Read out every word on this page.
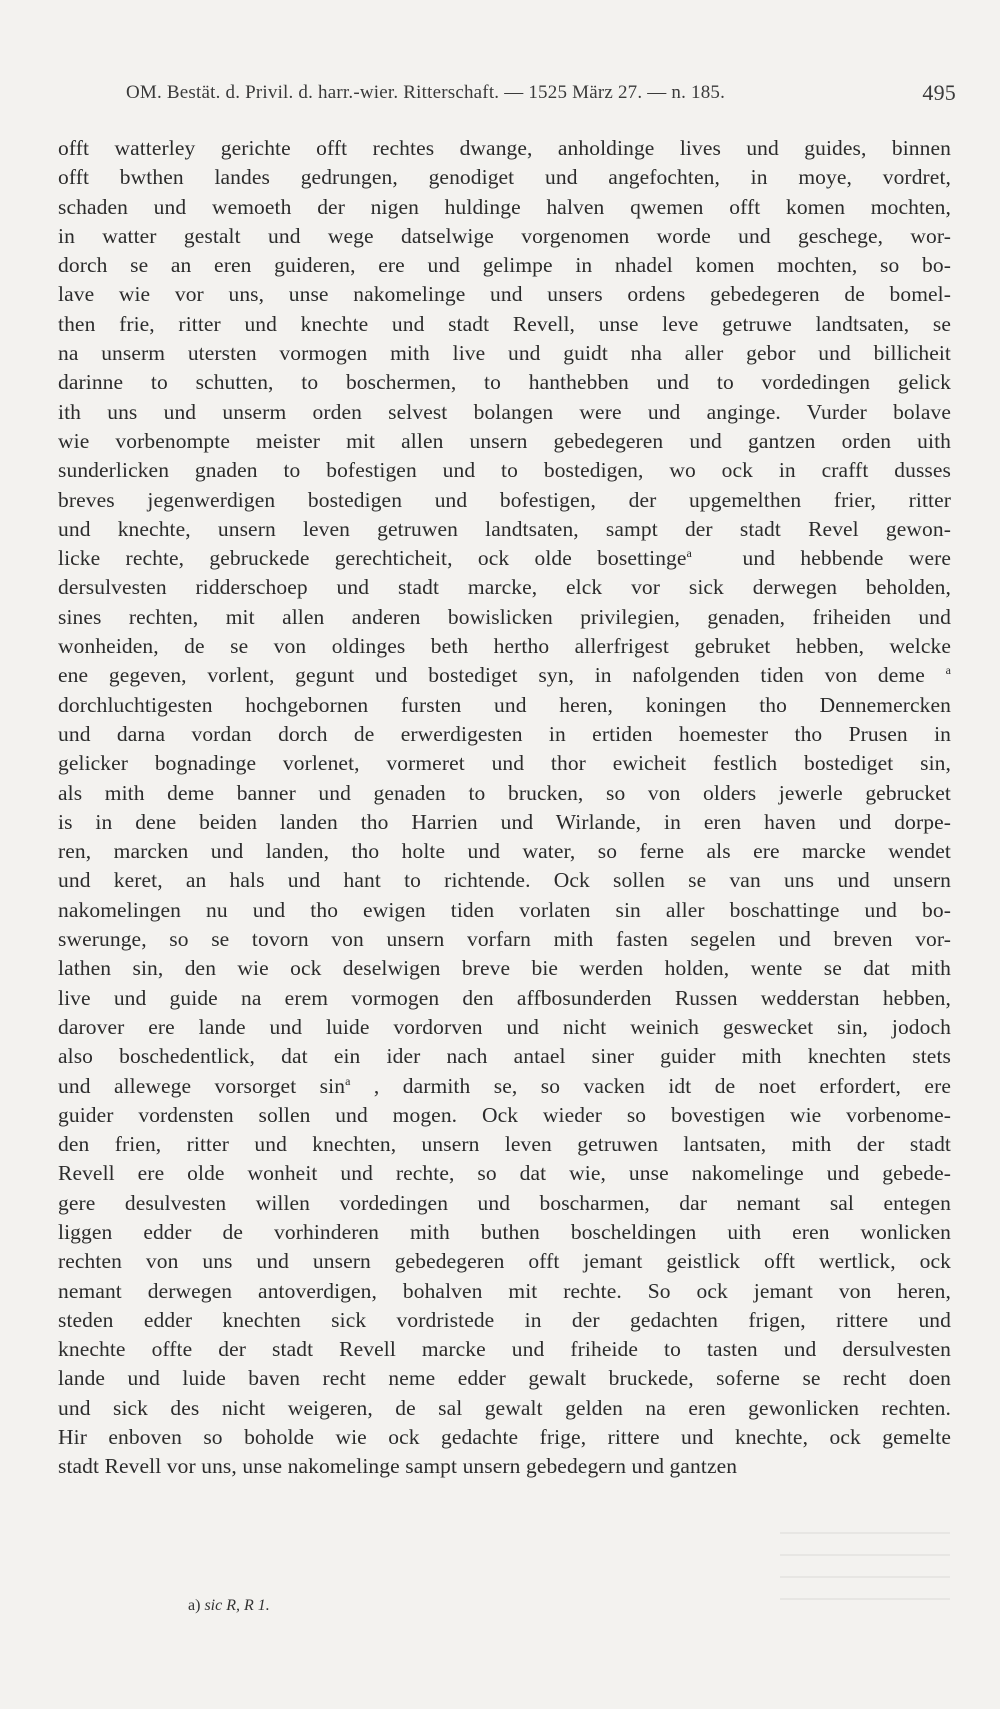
OM. Bestät. d. Privil. d. harr.-wier. Ritterschaft. — 1525 März 27. — n. 185.	495
offt watterley gerichte offt rechtes dwange, anholdinge lives und guides, binnen
offt bwthen landes gedrungen, genodiget und angefochten, in moye, vordret,
schaden und wemoeth der nigen huldinge halven qwemen offt komen mochten,
in watter gestalt und wege datselwige vorgenomen worde und geschege, wor-
dorch se an eren guideren, ere und gelimpe in nhadel komen mochten, so bo-
lave wie vor uns, unse nakomelinge und unsers ordens gebedegeren de bomel-
then frie, ritter und knechte und stadt Revell, unse leve getruwe landtsaten, se
na unserm utersten vormogen mith live und guidt nha aller gebor und billicheit
darinne to schutten, to boschermen, to hanthebben und to vordedingen gelick
ith uns und unserm orden selvest bolangen were und anginge. Vurder bolave
wie vorbenompte meister mit allen unsern gebedegeren und gantzen orden uith
sunderlicken gnaden to bofestigen und to bostedigen, wo ock in crafft dusses
breves jegenwerdigen bostedigen und bofestigen, der upgemelthen frier, ritter
und knechte, unsern leven getruwen landtsaten, sampt der stadt Revel gewon-
licke rechte, gebruckede gerechticheit, ock olde bosettinge$^a$ und hebbende were
dersulvesten ridderschoep und stadt marcke, elck vor sick derwegen beholden,
sines rechten, mit allen anderen bowislicken privilegien, genaden, friheiden und
wonheiden, de se von oldinges beth hertho allerfrigest gebruket hebben, welcke
ene gegeven, vorlent, gegunt und bostediget syn, in nafolgenden tiden von deme $^a$
dorchluchtigesten hochgebornen fursten und heren, koningen tho Dennemercken
und darna vordan dorch de erwerdigesten in ertiden hoemester tho Prusen in
gelicker bognadinge vorlenet, vormeret und thor ewicheit festlich bostediget sin,
als mith deme banner und genaden to brucken, so von olders jewerle gebrucket
is in dene beiden landen tho Harrien und Wirlande, in eren haven und dorpe-
ren, marcken und landen, tho holte und water, so ferne als ere marcke wendet
und keret, an hals und hant to richtende. Ock sollen se van uns und unsern
nakomelingen nu und tho ewigen tiden vorlaten sin aller boschattinge und bo-
swerunge, so se tovorn von unsern vorfarn mith fasten segelen und breven vor-
lathen sin, den wie ock deselwigen breve bie werden holden, wente se dat mith
live und guide na erem vormogen den affbosunderden Russen wedderstan hebben,
darover ere lande und luide vordorven und nicht weinich geswecket sin, jodoch
also boschedentlick, dat ein ider nach antael siner guider mith knechten stets
und allewege vorsorget $\sin^a$ , darmith se, so vacken idt de noet erfordert, ere
guider vordensten sollen und mogen. Ock wieder so bovestigen wie vorbenome-
den frien, ritter und knechten, unsern leven getruwen lantsaten, mith der stadt
Revell ere olde wonheit und rechte, so dat wie, unse nakomelinge und gebede-
gere desulvesten willen vordedingen und boscharmen, dar nemant sal entegen
liggen edder de vorhinderen mith buthen boscheldingen uith eren wonlicken
rechten von uns und unsern gebedegeren offt jemant geistlick offt wertlick, ock
nemant derwegen antoverdigen, bohalven mit rechte. So ock jemant von heren,
steden edder knechten sick vordristede in der gedachten frigen, rittere und
knechte offte der stadt Revell marcke und friheide to tasten und dersulvesten
lande und luide baven recht neme edder gewalt bruckede, soferne se recht doen
und sick des nicht weigeren, de sal gewalt gelden na eren gewonlicken rechten.
Hir enboven so boholde wie ock gedachte frige, rittere und knechte, ock gemelte
stadt Revell vor uns, unse nakomelinge sampt unsern gebedegern und gantzen
a) sic R, R 1.
